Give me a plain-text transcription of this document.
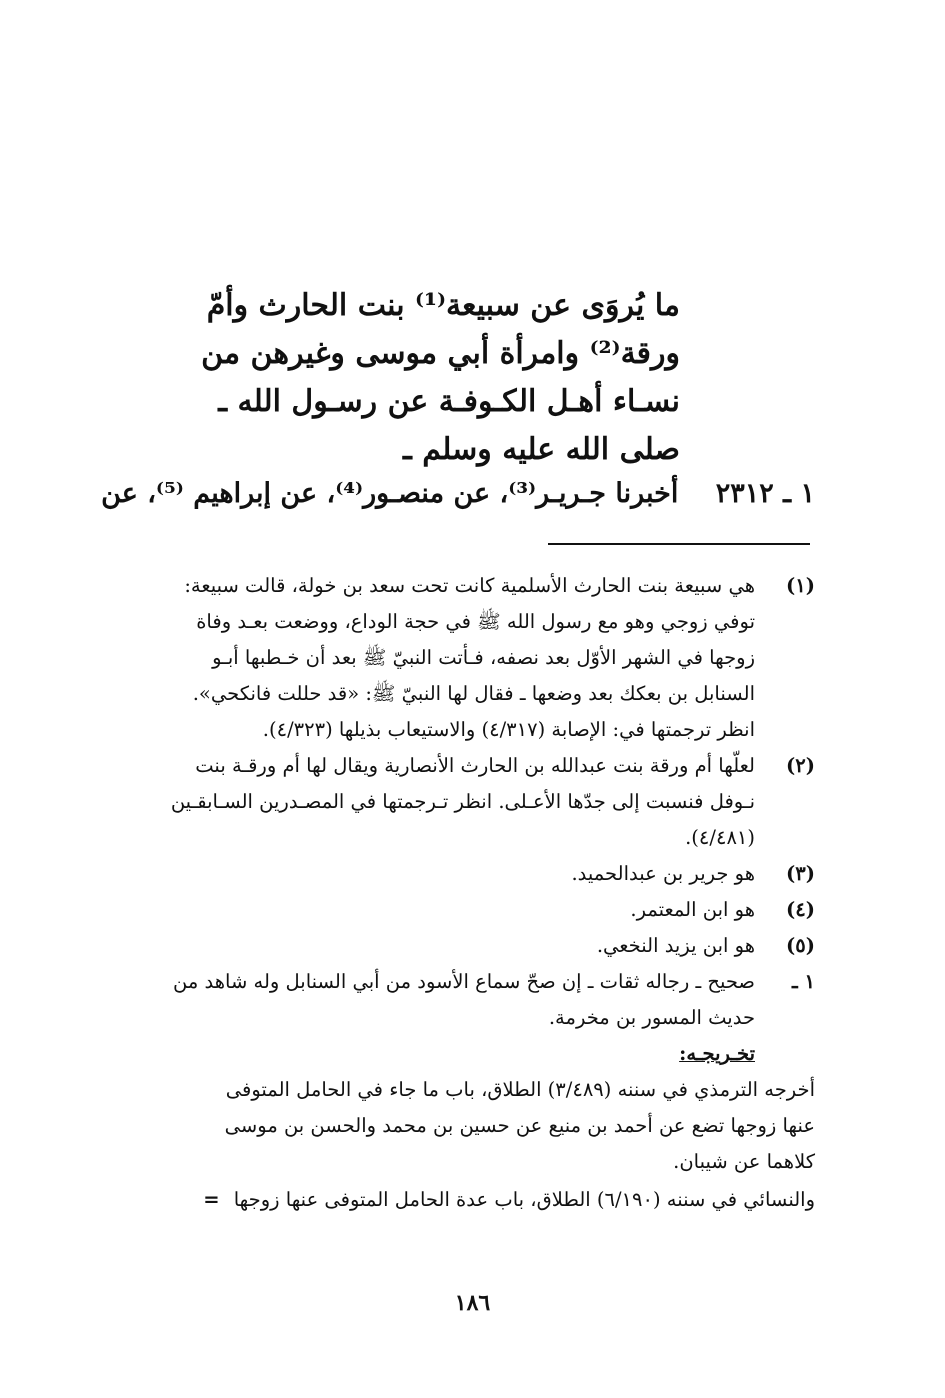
ما يُروَى عن سبيعة⁽¹⁾ بنت الحارث وأمّ
ورقة⁽²⁾ وامرأة أبي موسى وغيرهن من
نسـاء أهـل الكـوفـة عن رسـول الله ـ
صلى الله عليه وسلم ـ
١ ـ ٢٣١٢ أخبرنا جـريـر⁽³⁾، عن منصـور⁽⁴⁾، عن إبراهيم ⁽⁵⁾، عن
(١)
هي سبيعة بنت الحارث الأسلمية كانت تحت سعد بن خولة، قالت سبيعة:
توفي زوجي وهو مع رسول الله ﷺ في حجة الوداع، ووضعت بعـد وفاة
زوجها في الشهر الأوّل بعد نصفه، فـأتت النبيّ ﷺ بعد أن خـطبها أبـو
السنابل بن بعكك بعد وضعها ـ فقال لها النبيّ ﷺ: «قد حللت فانكحي».
انظر ترجمتها في: الإصابة (٤/٣١٧) والاستيعاب بذيلها (٤/٣٢٣).
(٢)
لعلّها أم ورقة بنت عبدالله بن الحارث الأنصارية ويقال لها أم ورقـة بنت
نـوفل فنسبت إلى جدّها الأعـلى. انظر تـرجمتها في المصـدرين السـابقـين
(٤/٤٨١).
(٣)
هو جرير بن عبدالحميد.
(٤)
هو ابن المعتمر.
(٥)
هو ابن يزيد النخعي.
١ ـ
صحيح ـ رجاله ثقات ـ إن صحّ سماع الأسود من أبي السنابل وله شاهد من
حديث المسور بن مخرمة.
تخـريجـه:
أخرجه الترمذي في سننه (٣/٤٨٩) الطلاق، باب ما جاء في الحامل المتوفى
عنها زوجها تضع عن أحمد بن منيع عن حسين بن محمد والحسن بن موسى
كلاهما عن شيبان.
والنسائي في سننه (٦/١٩٠) الطلاق، باب عدة الحامل المتوفى عنها زوجها =
١٨٦
